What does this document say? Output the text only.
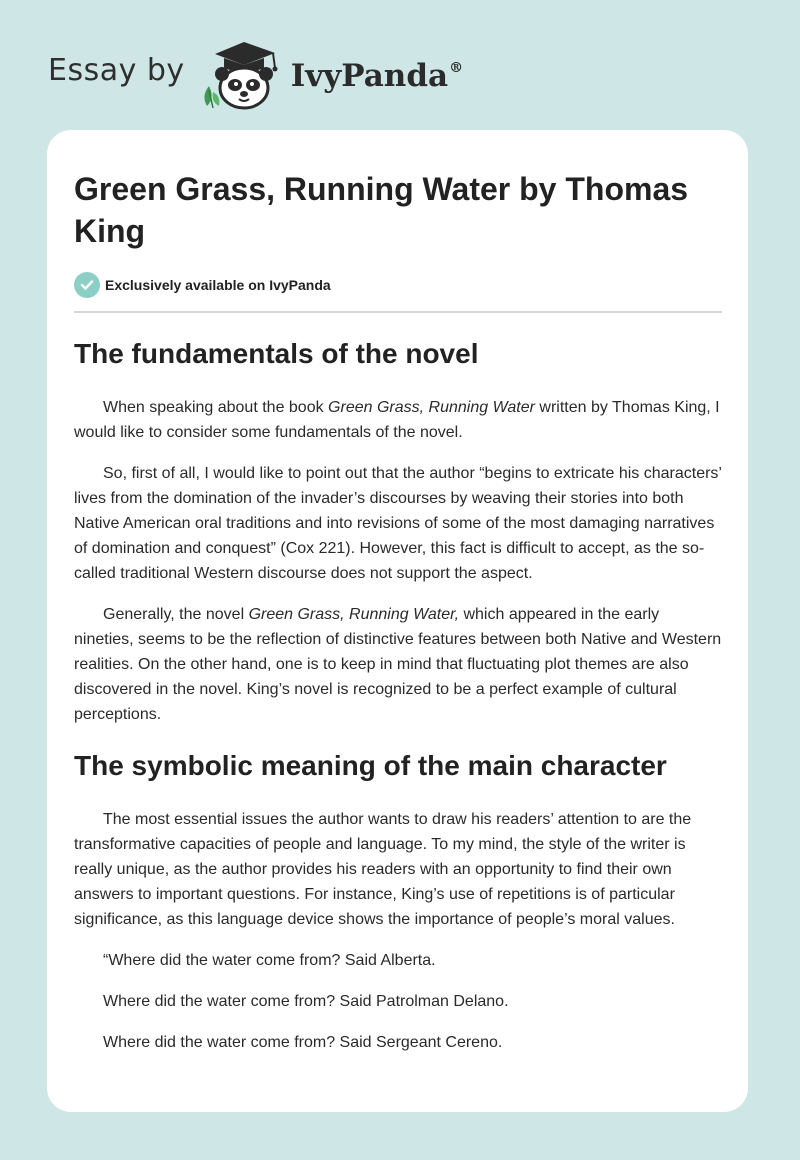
Essay by	IvyPanda®
Green Grass, Running Water by Thomas King
Exclusively available on IvyPanda
The fundamentals of the novel

When speaking about the book Green Grass, Running Water written by Thomas King, I would like to consider some fundamentals of the novel.

So, first of all, I would like to point out that the author “begins to extricate his characters’ lives from the domination of the invader’s discourses by weaving their stories into both Native American oral traditions and into revisions of some of the most damaging narratives of domination and conquest” (Cox 221). However, this fact is difficult to accept, as the so-called traditional Western discourse does not support the aspect.

Generally, the novel Green Grass, Running Water, which appeared in the early nineties, seems to be the reflection of distinctive features between both Native and Western realities. On the other hand, one is to keep in mind that fluctuating plot themes are also discovered in the novel. King’s novel is recognized to be a perfect example of cultural perceptions.

The symbolic meaning of the main character

The most essential issues the author wants to draw his readers’ attention to are the transformative capacities of people and language. To my mind, the style of the writer is really unique, as the author provides his readers with an opportunity to find their own answers to important questions. For instance, King’s use of repetitions is of particular significance, as this language device shows the importance of people’s moral values.

“Where did the water come from? Said Alberta.

Where did the water come from? Said Patrolman Delano.

Where did the water come from? Said Sergeant Cereno.
